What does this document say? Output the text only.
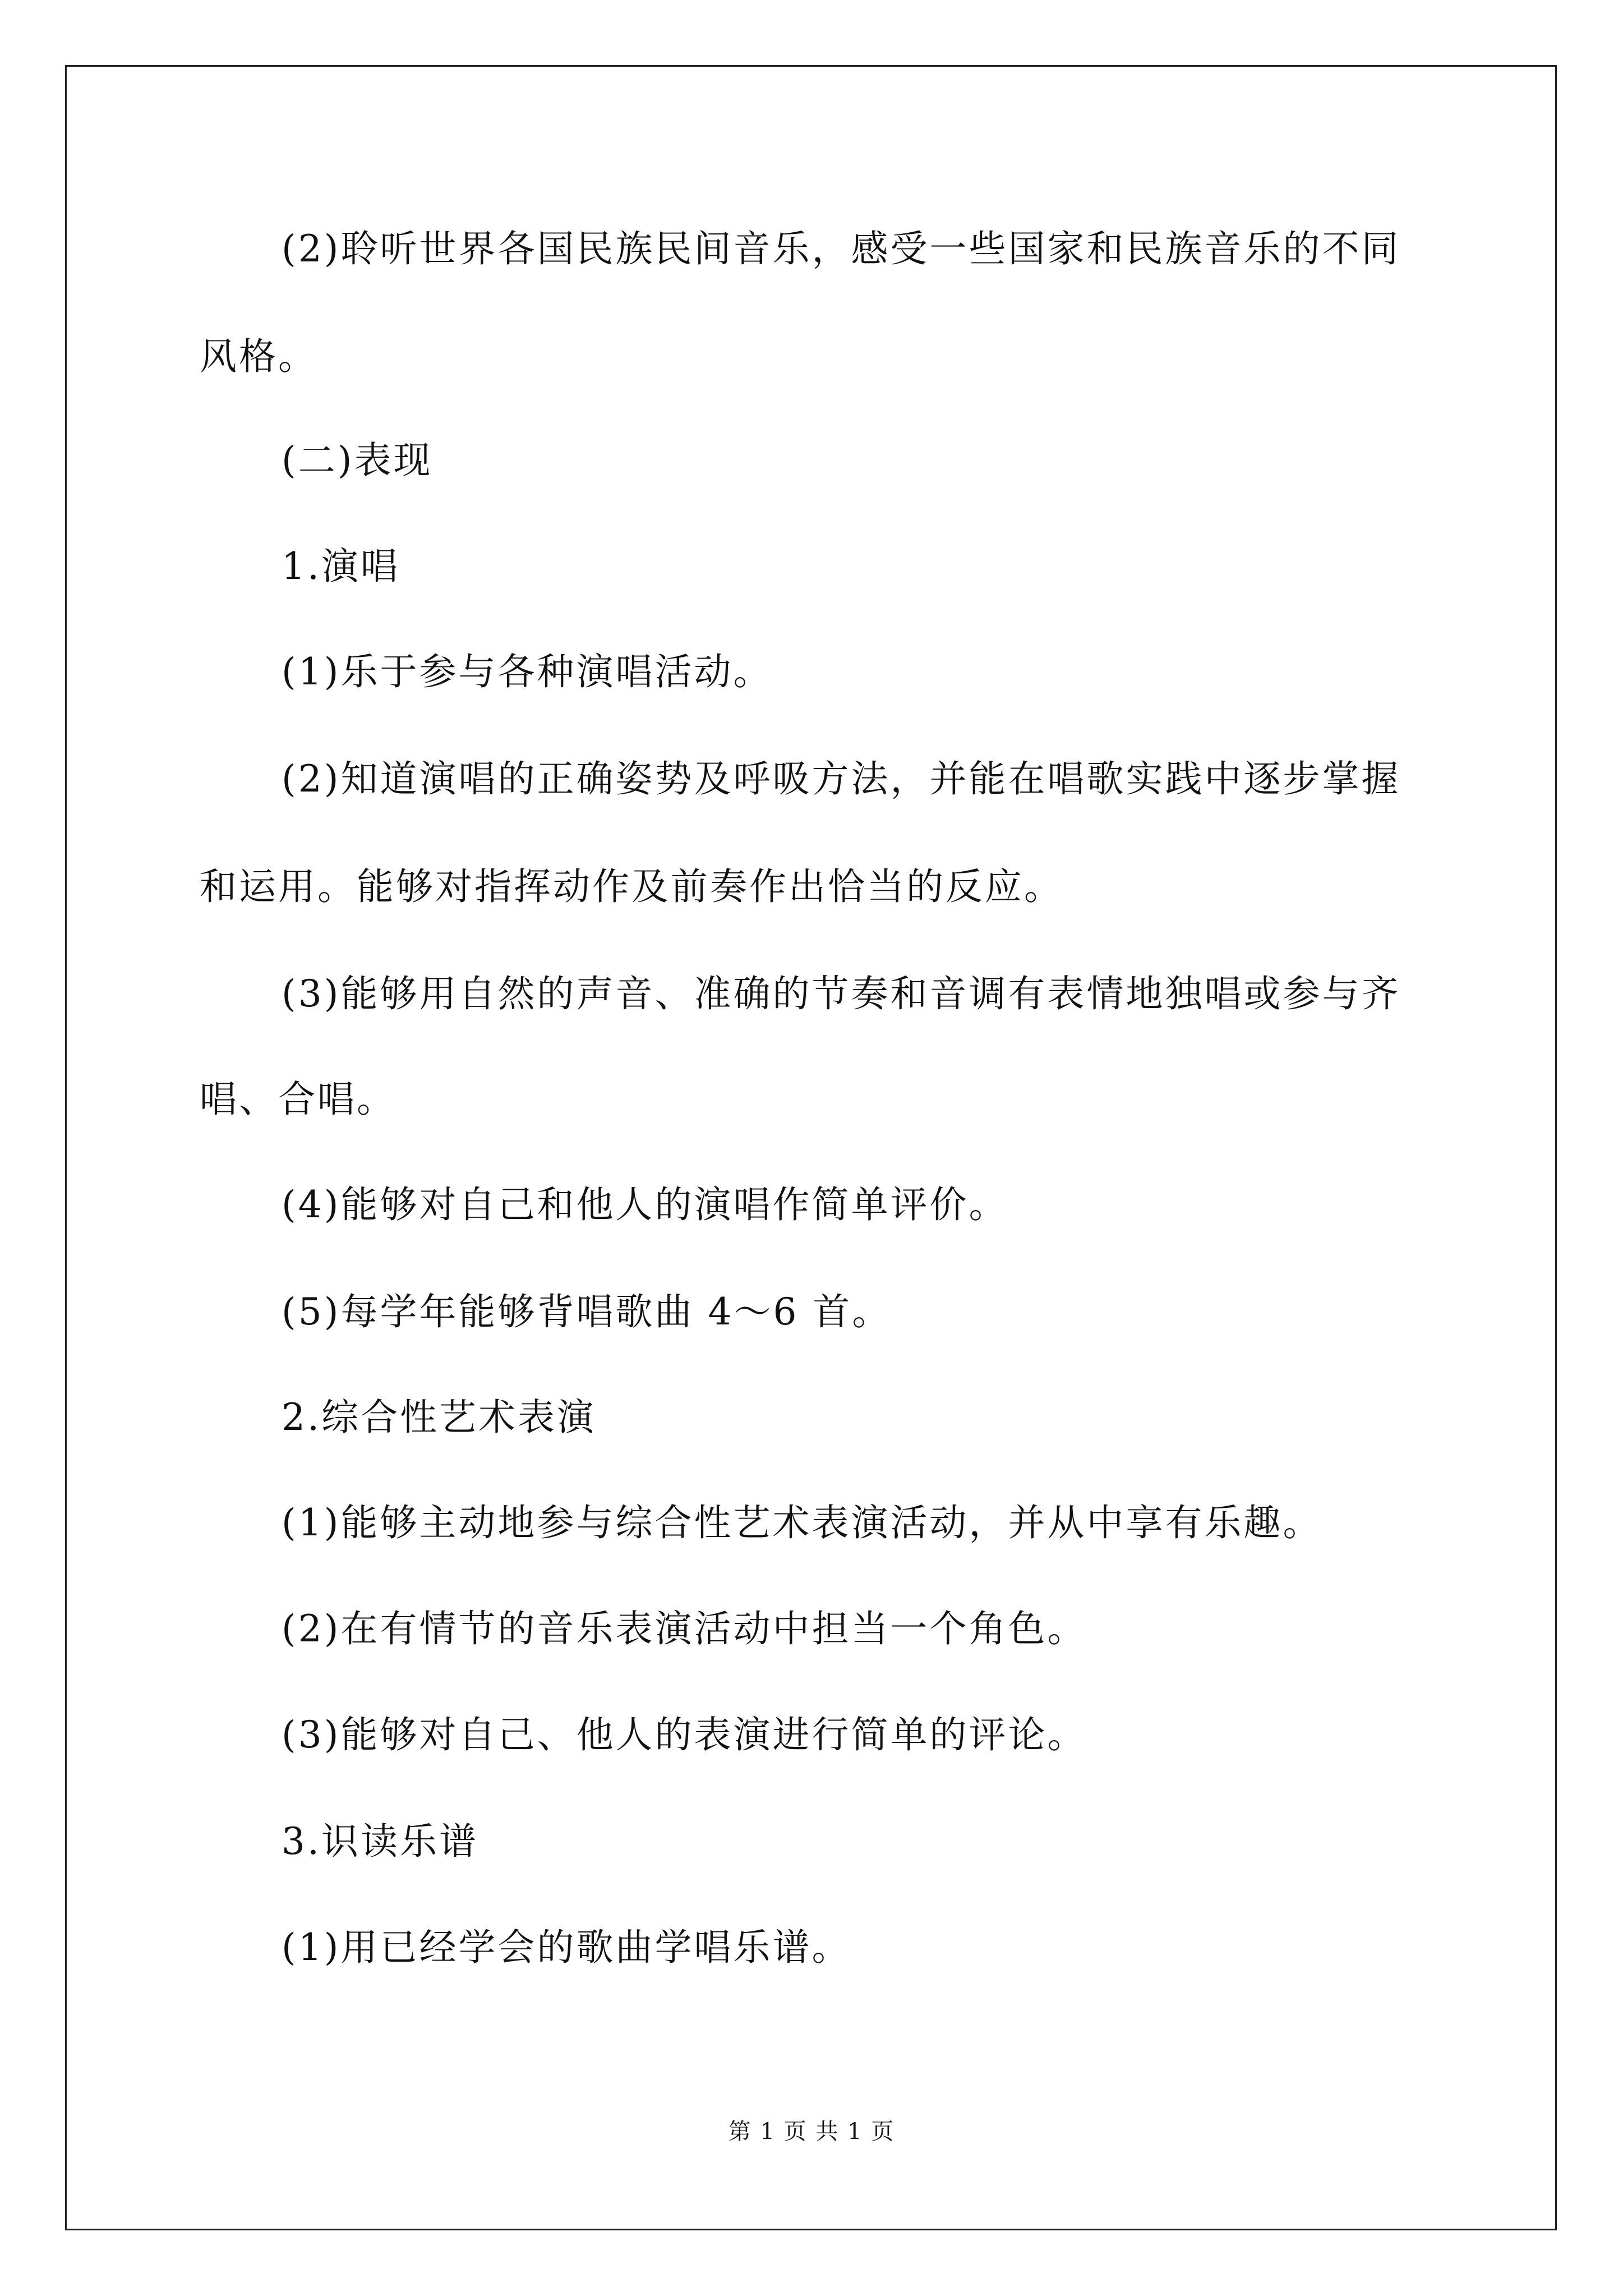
(2)聆听世界各国民族民间音乐，感受一些国家和民族音乐的不同
风格。
(二)表现
1.演唱
(1)乐于参与各种演唱活动。
(2)知道演唱的正确姿势及呼吸方法，并能在唱歌实践中逐步掌握
和运用。能够对指挥动作及前奏作出恰当的反应。
(3)能够用自然的声音、准确的节奏和音调有表情地独唱或参与齐
唱、合唱。
(4)能够对自己和他人的演唱作简单评价。
(5)每学年能够背唱歌曲 4～6 首。
2.综合性艺术表演
(1)能够主动地参与综合性艺术表演活动，并从中享有乐趣。
(2)在有情节的音乐表演活动中担当一个角色。
(3)能够对自己、他人的表演进行简单的评论。
3.识读乐谱
(1)用已经学会的歌曲学唱乐谱。
第 1 页 共 1 页
